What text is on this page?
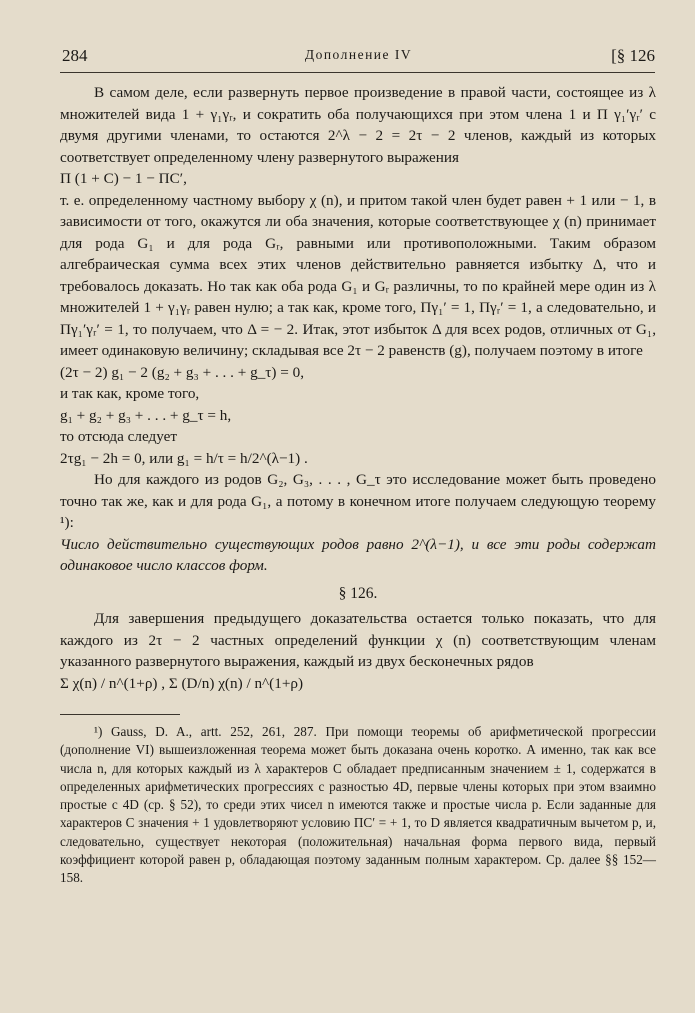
284	Дополнение IV	[§ 126

В самом деле, если развернуть первое произведение в правой части, состоящее из λ множителей вида 1 + γ₁γᵣ, и сократить оба получающихся при этом члена 1 и Π γ₁′γᵣ′ с двумя другими членами, то остаются 2^λ − 2 = 2τ − 2 членов, каждый из которых соответствует определенному члену развернутого выражения

Π (1 + C) − 1 − ΠC′,

т. е. определенному частному выбору χ (n), и притом такой член будет равен + 1 или − 1, в зависимости от того, окажутся ли оба значения, которые соответствующее χ (n) принимает для рода G₁ и для рода Gᵣ, равными или противоположными. Таким образом алгебраическая сумма всех этих членов действительно равняется избытку Δ, что и требовалось доказать. Но так как оба рода G₁ и Gᵣ различны, то по крайней мере один из λ множителей 1 + γ₁γᵣ равен нулю; а так как, кроме того, Πγ₁′ = 1, Πγᵣ′ = 1, а следовательно, и Πγ₁′γᵣ′ = 1, то получаем, что Δ = − 2. Итак, этот избыток Δ для всех родов, отличных от G₁, имеет одинаковую величину; складывая все 2τ − 2 равенств (g), получаем поэтому в итоге

(2τ − 2) g₁ − 2 (g₂ + g₃ + . . . + g_τ) = 0,

и так как, кроме того,

g₁ + g₂ + g₃ + . . . + g_τ = h,

то отсюда следует

2τg₁ − 2h = 0, или g₁ = h/τ = h/2^(λ−1) .

Но для каждого из родов G₂, G₃, . . . , G_τ это исследование может быть проведено точно так же, как и для рода G₁, а потому в конечном итоге получаем следующую теорему ¹):

Число действительно существующих родов равно 2^(λ−1), и все эти роды содержат одинаковое число классов форм.

§ 126.

Для завершения предыдущего доказательства остается только показать, что для каждого из 2τ − 2 частных определений функции χ (n) соответствующим членам указанного развернутого выражения, каждый из двух бесконечных рядов

Σ χ(n) / n^(1+ρ) , Σ (D/n) χ(n) / n^(1+ρ)

¹) Gauss, D. A., artt. 252, 261, 287. При помощи теоремы об арифметической прогрессии (дополнение VI) вышеизложенная теорема может быть доказана очень коротко. А именно, так как все числа n, для которых каждый из λ характеров C обладает предписанным значением ± 1, содержатся в определенных арифметических прогрессиях с разностью 4D, первые члены которых при этом взаимно простые с 4D (ср. § 52), то среди этих чисел n имеются также и простые числа p. Если заданные для характеров C значения + 1 удовлетворяют условию ΠC′ = + 1, то D является квадратичным вычетом p, и, следовательно, существует некоторая (положительная) начальная форма первого вида, первый коэффициент которой равен p, обладающая поэтому заданным полным характером. Ср. далее §§ 152—158.
